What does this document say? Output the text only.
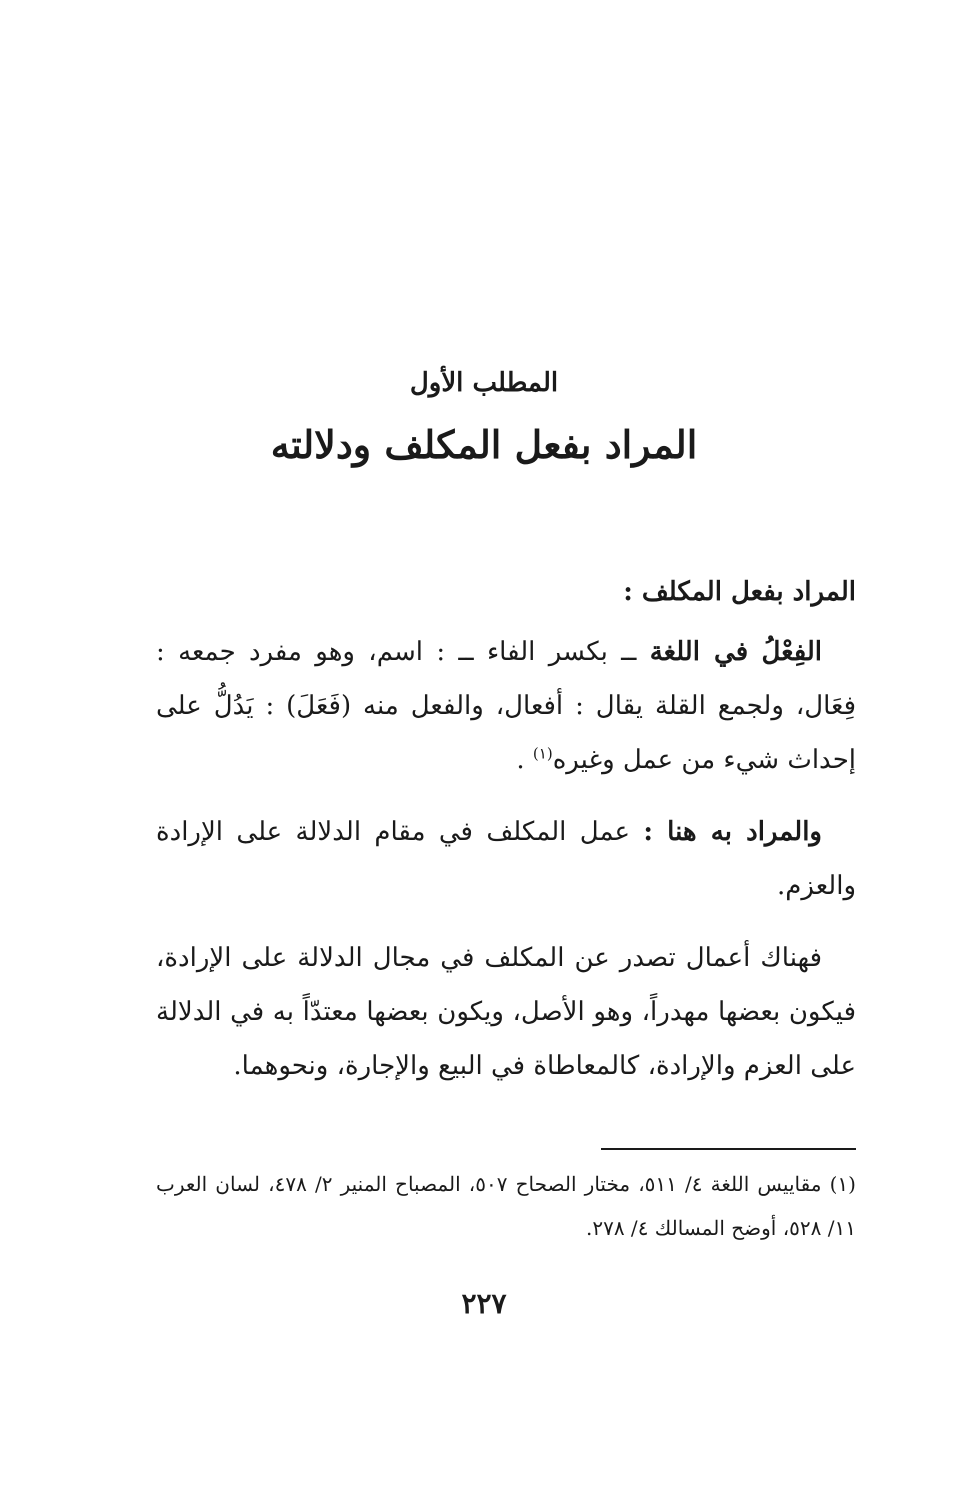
المطلب الأول
المراد بفعل المكلف ودلالته

المراد بفعل المكلف :

الفِعْلُ في اللغة ــ بكسر الفاء ــ : اسم، وهو مفرد جمعه : فِعَال، ولجمع القلة يقال : أفعال، والفعل منه (فَعَلَ) : يَدُلُّ على إحداث شيء من عمل وغيره$^{(١)}$ .

والمراد به هنا : عمل المكلف في مقام الدلالة على الإرادة والعزم.

فهناك أعمال تصدر عن المكلف في مجال الدلالة على الإرادة، فيكون بعضها مهدراً، وهو الأصل، ويكون بعضها معتدّاً به في الدلالة على العزم والإرادة، كالمعاطاة في البيع والإجارة، ونحوهما.

(١) مقاييس اللغة ٤/ ٥١١، مختار الصحاح ٥٠٧، المصباح المنير ٢/ ٤٧٨، لسان العرب ١١/ ٥٢٨، أوضح المسالك ٤/ ٢٧٨.
٢٢٧
